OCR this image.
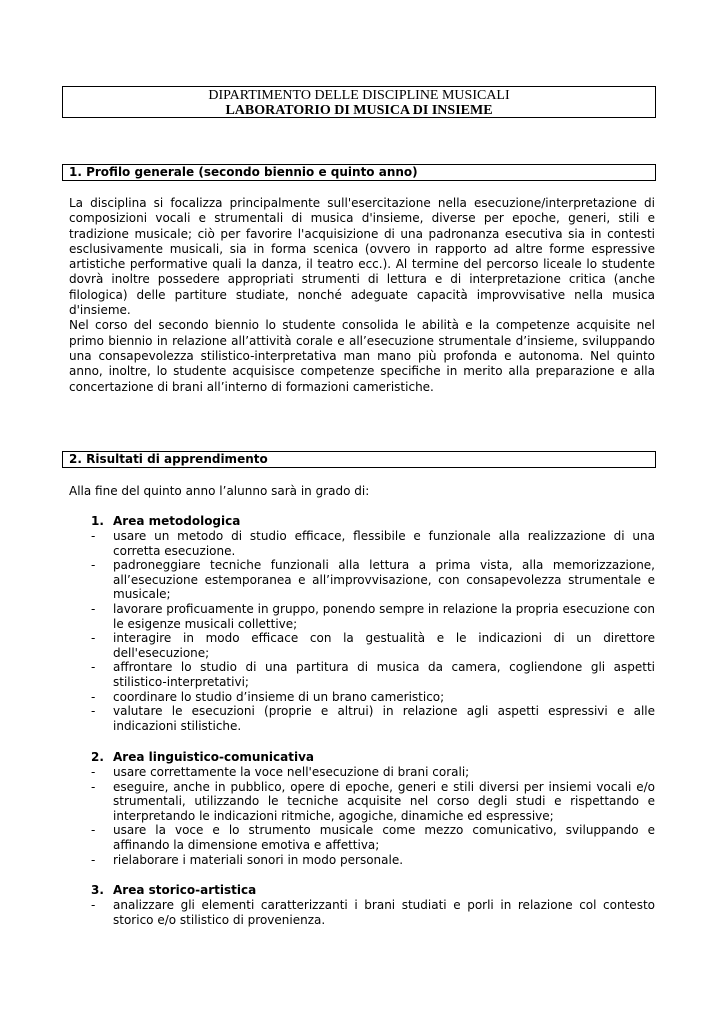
DIPARTIMENTO DELLE DISCIPLINE MUSICALI
LABORATORIO DI MUSICA DI INSIEME
1. Profilo generale (secondo biennio e quinto anno)

La disciplina si focalizza principalmente sull'esercitazione nella esecuzione/interpretazione di composizioni vocali e strumentali di musica d'insieme, diverse per epoche, generi, stili e tradizione musicale; ciò per favorire l'acquisizione di una padronanza esecutiva sia in contesti esclusivamente musicali, sia in forma scenica (ovvero in rapporto ad altre forme espressive artistiche performative quali la danza, il teatro ecc.). Al termine del percorso liceale lo studente dovrà inoltre possedere appropriati strumenti di lettura e di interpretazione critica (anche filologica) delle partiture studiate, nonché adeguate capacità improvvisative nella musica d'insieme.

Nel corso del secondo biennio lo studente consolida le abilità e la competenze acquisite nel primo biennio in relazione all’attività corale e all’esecuzione strumentale d’insieme, sviluppando una consapevolezza stilistico-interpretativa man mano più profonda e autonoma. Nel quinto anno, inoltre, lo studente acquisisce competenze specifiche in merito alla preparazione e alla concertazione di brani all’interno di formazioni cameristiche.

2. Risultati di apprendimento
Alla fine del quinto anno l’alunno sarà in grado di:
1. Area metodologica
- usare un metodo di studio efficace, flessibile e funzionale alla realizzazione di una corretta esecuzione.
- padroneggiare tecniche funzionali alla lettura a prima vista, alla memorizzazione, all’esecuzione estemporanea e all’improvvisazione, con consapevolezza strumentale e musicale;
- lavorare proficuamente in gruppo, ponendo sempre in relazione la propria esecuzione con le esigenze musicali collettive;
- interagire in modo efficace con la gestualità e le indicazioni di un direttore dell'esecuzione;
- affrontare lo studio di una partitura di musica da camera, cogliendone gli aspetti stilistico-interpretativi;
- coordinare lo studio d’insieme di un brano cameristico;
- valutare le esecuzioni (proprie e altrui) in relazione agli aspetti espressivi e alle indicazioni stilistiche.
2. Area linguistico-comunicativa
- usare correttamente la voce nell'esecuzione di brani corali;
- eseguire, anche in pubblico, opere di epoche, generi e stili diversi per insiemi vocali e/o strumentali, utilizzando le tecniche acquisite nel corso degli studi e rispettando e interpretando le indicazioni ritmiche, agogiche, dinamiche ed espressive;
- usare la voce e lo strumento musicale come mezzo comunicativo, sviluppando e affinando la dimensione emotiva e affettiva;
- rielaborare i materiali sonori in modo personale.
3. Area storico-artistica
- analizzare gli elementi caratterizzanti i brani studiati e porli in relazione col contesto storico e/o stilistico di provenienza.
